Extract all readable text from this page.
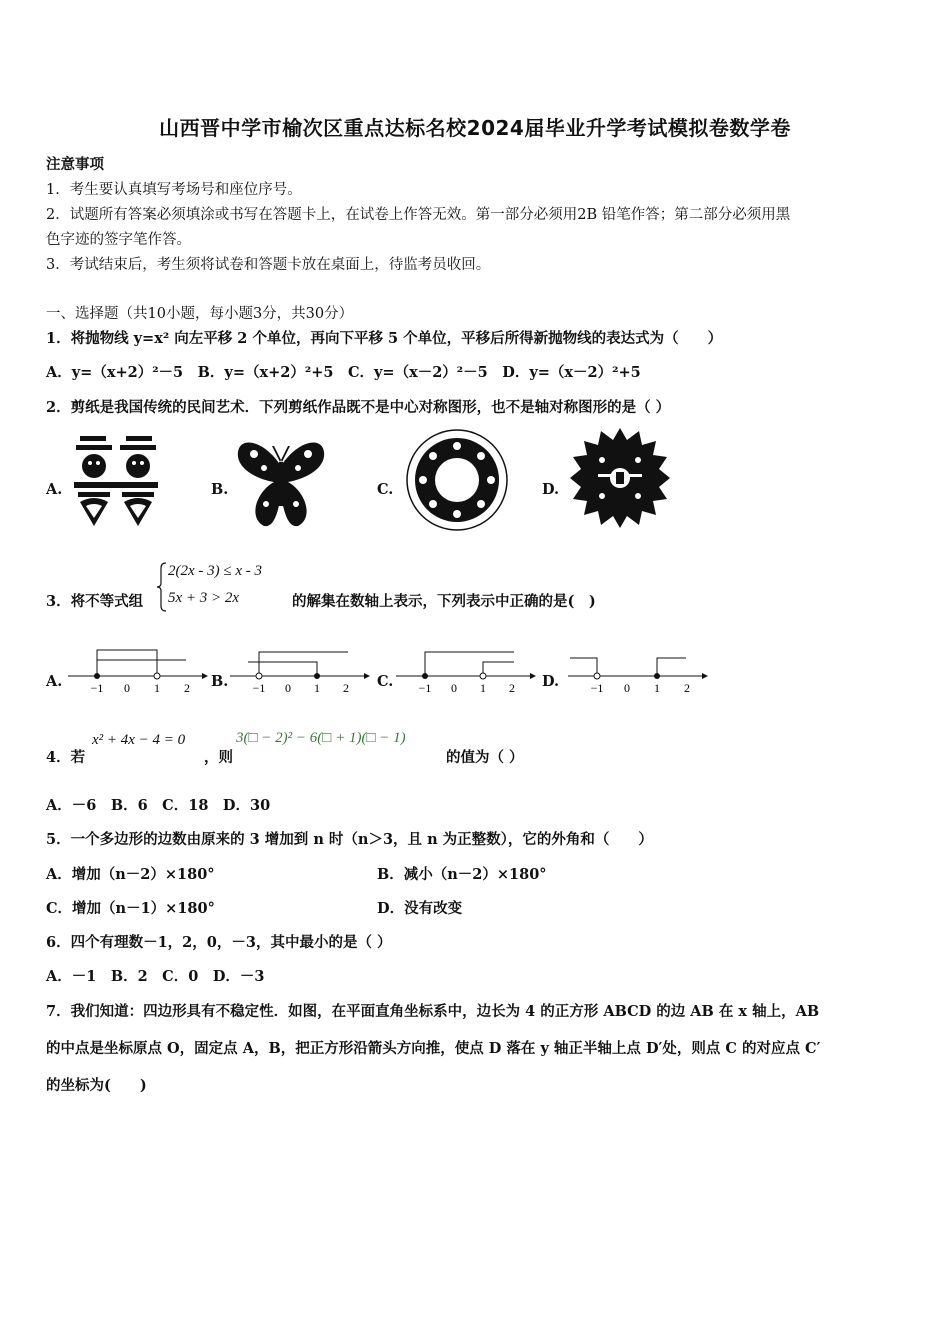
山西晋中学市榆次区重点达标名校2024届毕业升学考试模拟卷数学卷
注意事项
1．考生要认真填写考场号和座位序号。
2．试题所有答案必须填涂或书写在答题卡上，在试卷上作答无效。第一部分必须用2B 铅笔作答；第二部分必须用黑
色字迹的签字笔作答。
3．考试结束后，考生须将试卷和答题卡放在桌面上，待监考员收回。
一、选择题（共10小题，每小题3分，共30分）
1．将抛物线 y=x² 向左平移 2 个单位，再向下平移 5 个单位，平移后所得新抛物线的表达式为（　　）
A．y=（x+2）²－5　B．y=（x+2）²+5　C．y=（x－2）²－5　D．y=（x－2）²+5
2．剪纸是我国传统的民间艺术．下列剪纸作品既不是中心对称图形，也不是轴对称图形的是（ ）
A.	B.	C.	D.
3．将不等式组
2(2x - 3) ≤ x - 3
5x + 3 > 2x	的解集在数轴上表示，下列表示中正确的是(　)
A.	B.	C.	D.
−1 0 1 2	−1 0 1 2	−1 0 1 2	−1 0 1 2
4．若
x² + 4x − 4 = 0
，则
3(□ − 2)² − 6(□ + 1)(□ − 1)
的值为（ ）
A．－6　B．6　C．18　D．30
5．一个多边形的边数由原来的 3 增加到 n 时（n＞3，且 n 为正整数），它的外角和（　　）
A．增加（n－2）×180°	B．减小（n－2）×180°
C．增加（n－1）×180°	D．没有改变
6．四个有理数－1，2，0，－3，其中最小的是（ ）
A．－1　B．2　C．0　D．－3
7．我们知道：四边形具有不稳定性．如图，在平面直角坐标系中，边长为 4 的正方形 ABCD 的边 AB 在 x 轴上，AB
的中点是坐标原点 O，固定点 A，B，把正方形沿箭头方向推，使点 D 落在 y 轴正半轴上点 D′处，则点 C 的对应点 C′
的坐标为(　　)
